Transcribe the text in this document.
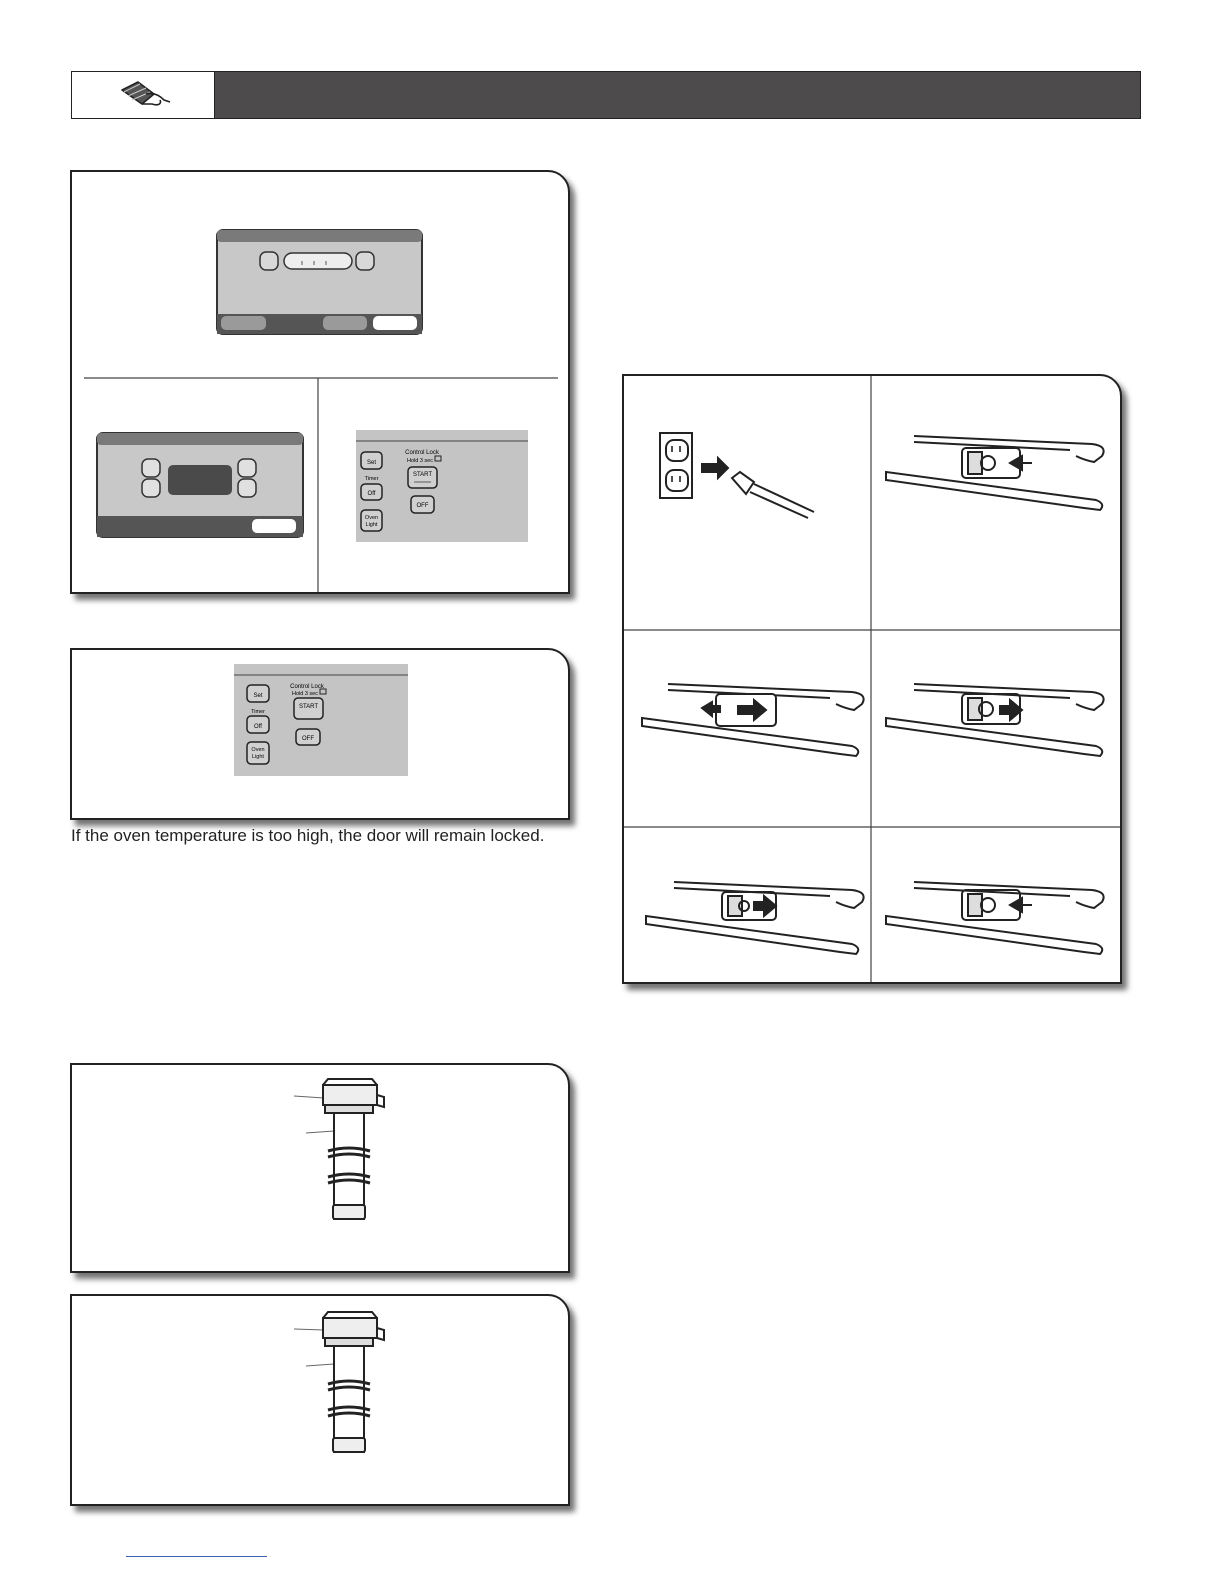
Set
Timer
Off
Oven
Light
Control Lock
Hold 3 sec
START
OFF
Set
Timer
Off
Oven
Light
Control Lock
Hold 3 sec
START
OFF
If the oven temperature is too high, the door will remain locked.
